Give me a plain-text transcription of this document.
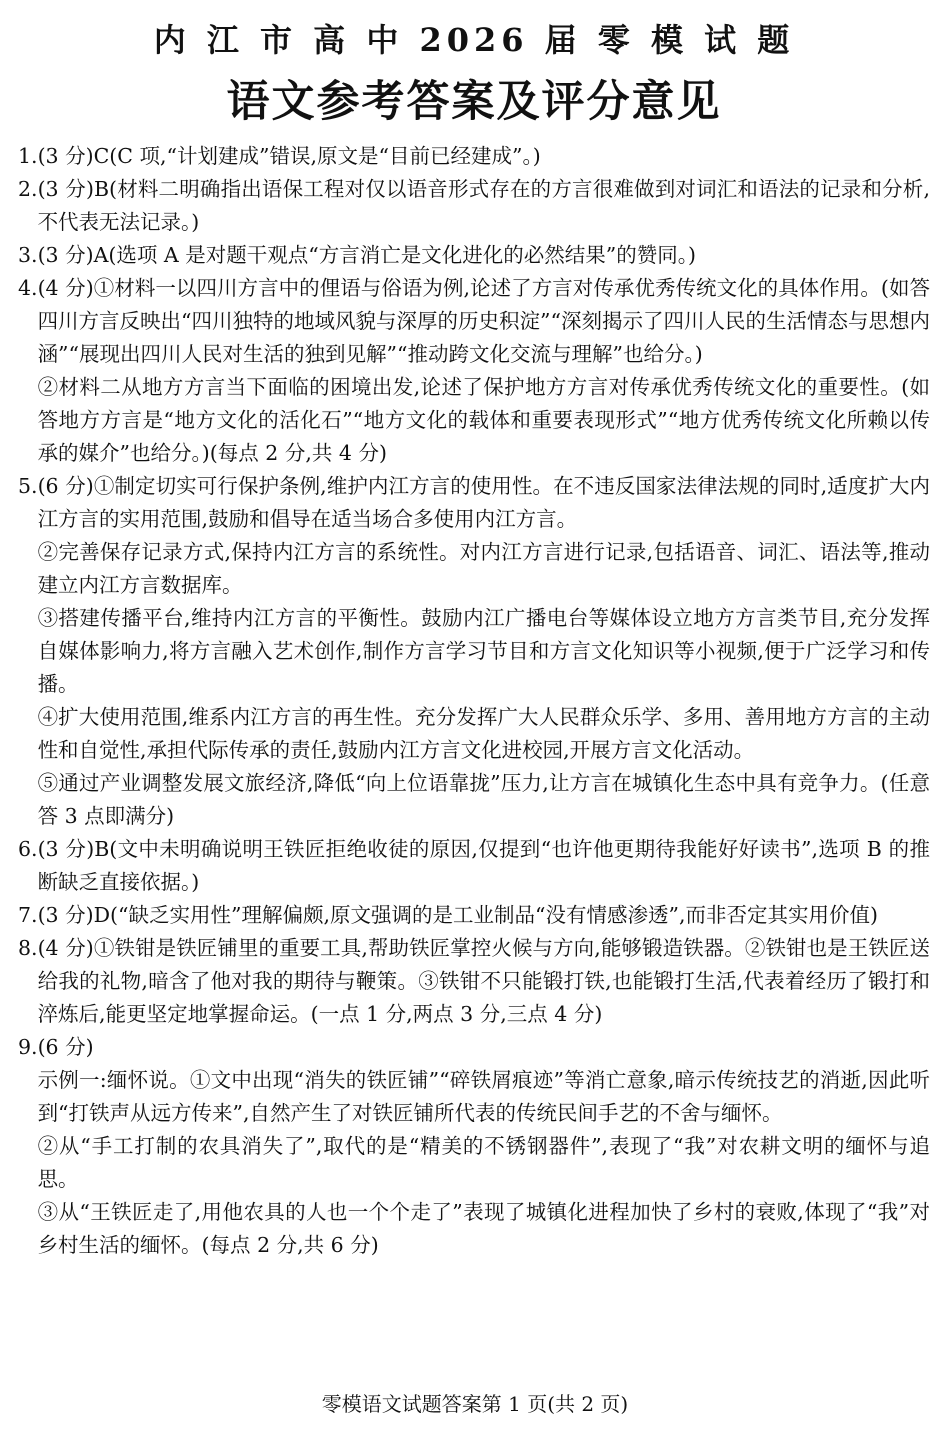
内 江 市 高 中 2026 届 零 模 试 题
语文参考答案及评分意见
1. (3 分)C(C 项,“计划建成”错误,原文是“目前已经建成”。)

2. (3 分)B(材料二明确指出语保工程对仅以语音形式存在的方言很难做到对词汇和语法的记录和分析,不代表无法记录。)

3. (3 分)A(选项 A 是对题干观点“方言消亡是文化进化的必然结果”的赞同。)

4. (4 分)①材料一以四川方言中的俚语与俗语为例,论述了方言对传承优秀传统文化的具体作用。(如答四川方言反映出“四川独特的地域风貌与深厚的历史积淀”“深刻揭示了四川人民的生活情态与思想内涵”“展现出四川人民对生活的独到见解”“推动跨文化交流与理解”也给分。)

②材料二从地方方言当下面临的困境出发,论述了保护地方方言对传承优秀传统文化的重要性。(如答地方方言是“地方文化的活化石”“地方文化的载体和重要表现形式”“地方优秀传统文化所赖以传承的媒介”也给分。)(每点 2 分,共 4 分)

5. (6 分)①制定切实可行保护条例,维护内江方言的使用性。在不违反国家法律法规的同时,适度扩大内江方言的实用范围,鼓励和倡导在适当场合多使用内江方言。

②完善保存记录方式,保持内江方言的系统性。对内江方言进行记录,包括语音、词汇、语法等,推动建立内江方言数据库。

③搭建传播平台,维持内江方言的平衡性。鼓励内江广播电台等媒体设立地方方言类节目,充分发挥自媒体影响力,将方言融入艺术创作,制作方言学习节目和方言文化知识等小视频,便于广泛学习和传播。

④扩大使用范围,维系内江方言的再生性。充分发挥广大人民群众乐学、多用、善用地方方言的主动性和自觉性,承担代际传承的责任,鼓励内江方言文化进校园,开展方言文化活动。

⑤通过产业调整发展文旅经济,降低“向上位语靠拢”压力,让方言在城镇化生态中具有竞争力。(任意答 3 点即满分)

6. (3 分)B(文中未明确说明王铁匠拒绝收徒的原因,仅提到“也许他更期待我能好好读书”,选项 B 的推断缺乏直接依据。)

7. (3 分)D(“缺乏实用性”理解偏颇,原文强调的是工业制品“没有情感渗透”,而非否定其实用价值)

8. (4 分)①铁钳是铁匠铺里的重要工具,帮助铁匠掌控火候与方向,能够锻造铁器。②铁钳也是王铁匠送给我的礼物,暗含了他对我的期待与鞭策。③铁钳不只能锻打铁,也能锻打生活,代表着经历了锻打和淬炼后,能更坚定地掌握命运。(一点 1 分,两点 3 分,三点 4 分)

9. (6 分)

示例一:缅怀说。①文中出现“消失的铁匠铺”“碎铁屑痕迹”等消亡意象,暗示传统技艺的消逝,因此听到“打铁声从远方传来”,自然产生了对铁匠铺所代表的传统民间手艺的不舍与缅怀。

②从“手工打制的农具消失了”,取代的是“精美的不锈钢器件”,表现了“我”对农耕文明的缅怀与追思。

③从“王铁匠走了,用他农具的人也一个个走了”表现了城镇化进程加快了乡村的衰败,体现了“我”对乡村生活的缅怀。(每点 2 分,共 6 分)

零模语文试题答案第 1 页(共 2 页)
